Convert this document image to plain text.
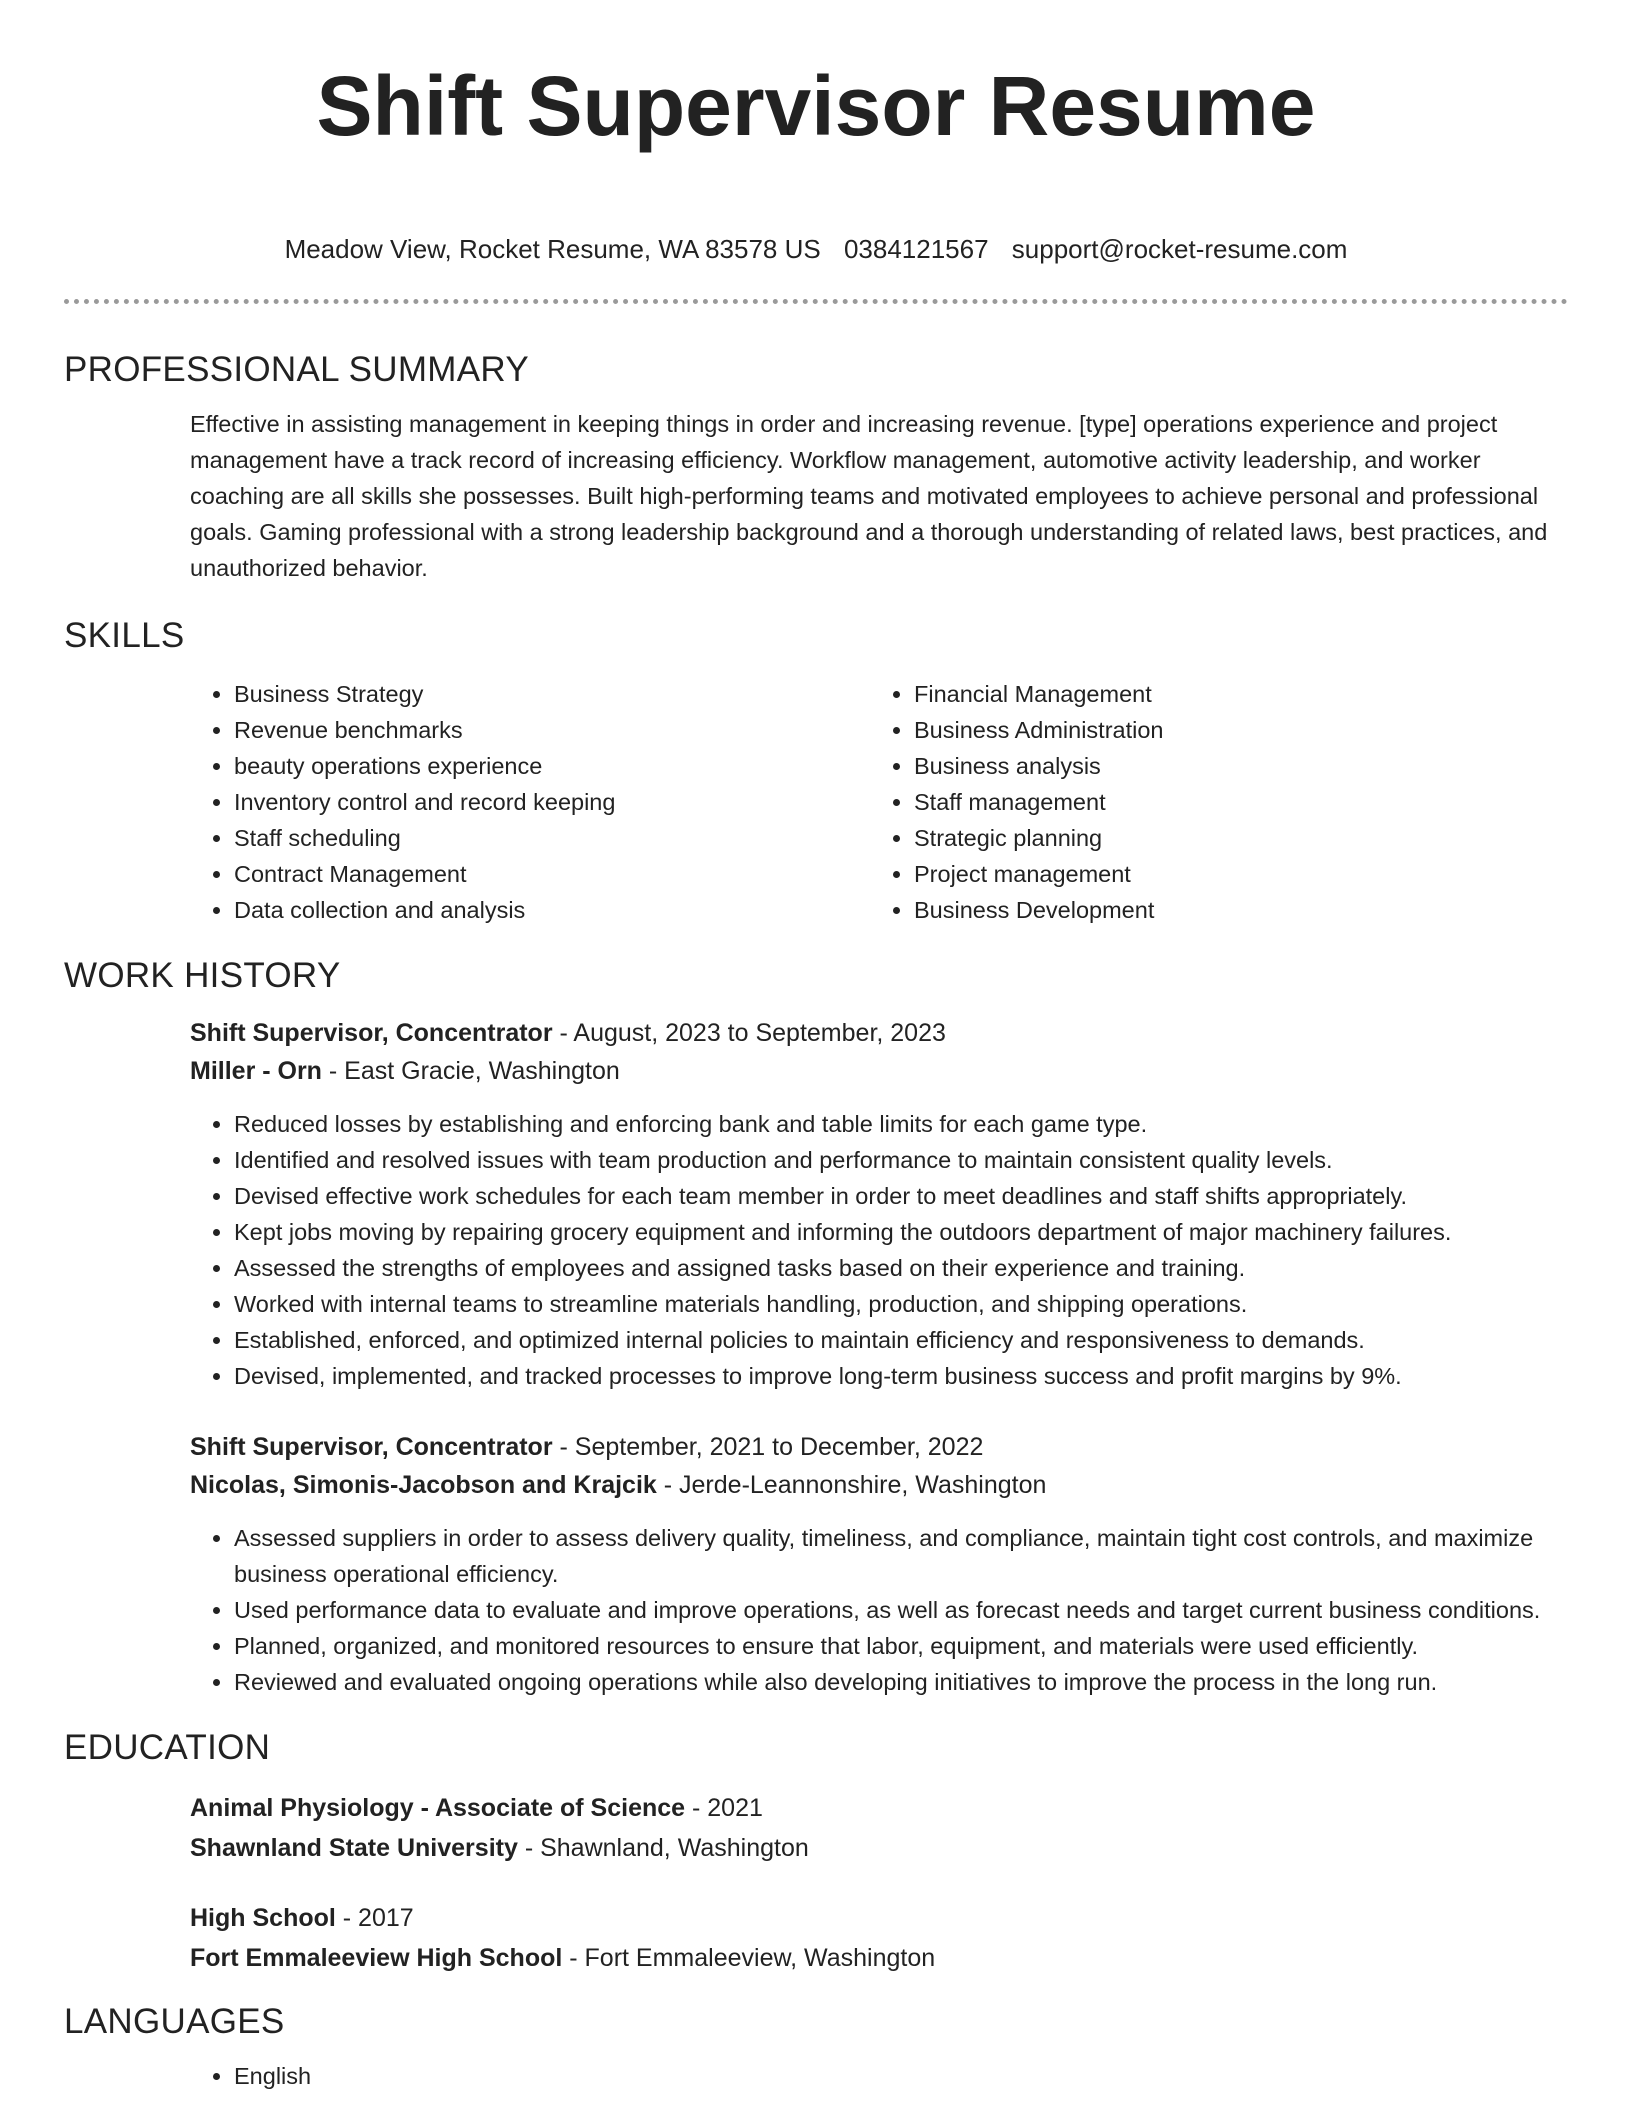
Shift Supervisor Resume
Meadow View, Rocket Resume, WA 83578 US 0384121567 support@rocket-resume.com
PROFESSIONAL SUMMARY

Effective in assisting management in keeping things in order and increasing revenue. [type] operations experience and project management have a track record of increasing efficiency. Workflow management, automotive activity leadership, and worker coaching are all skills she possesses. Built high-performing teams and motivated employees to achieve personal and professional goals. Gaming professional with a strong leadership background and a thorough understanding of related laws, best practices, and unauthorized behavior.

SKILLS
• Business Strategy
• Revenue benchmarks
• beauty operations experience
• Inventory control and record keeping
• Staff scheduling
• Contract Management
• Data collection and analysis
• Financial Management
• Business Administration
• Business analysis
• Staff management
• Strategic planning
• Project management
• Business Development
WORK HISTORY
Shift Supervisor, Concentrator - August, 2023 to September, 2023
Miller - Orn - East Gracie, Washington
• Reduced losses by establishing and enforcing bank and table limits for each game type.
• Identified and resolved issues with team production and performance to maintain consistent quality levels.
• Devised effective work schedules for each team member in order to meet deadlines and staff shifts appropriately.
• Kept jobs moving by repairing grocery equipment and informing the outdoors department of major machinery failures.
• Assessed the strengths of employees and assigned tasks based on their experience and training.
• Worked with internal teams to streamline materials handling, production, and shipping operations.
• Established, enforced, and optimized internal policies to maintain efficiency and responsiveness to demands.
• Devised, implemented, and tracked processes to improve long-term business success and profit margins by 9%.
Shift Supervisor, Concentrator - September, 2021 to December, 2022
Nicolas, Simonis-Jacobson and Krajcik - Jerde-Leannonshire, Washington
• Assessed suppliers in order to assess delivery quality, timeliness, and compliance, maintain tight cost controls, and maximize business operational efficiency.
• Used performance data to evaluate and improve operations, as well as forecast needs and target current business conditions.
• Planned, organized, and monitored resources to ensure that labor, equipment, and materials were used efficiently.
• Reviewed and evaluated ongoing operations while also developing initiatives to improve the process in the long run.
EDUCATION
Animal Physiology - Associate of Science - 2021
Shawnland State University - Shawnland, Washington
High School - 2017
Fort Emmaleeview High School - Fort Emmaleeview, Washington
LANGUAGES
• English
